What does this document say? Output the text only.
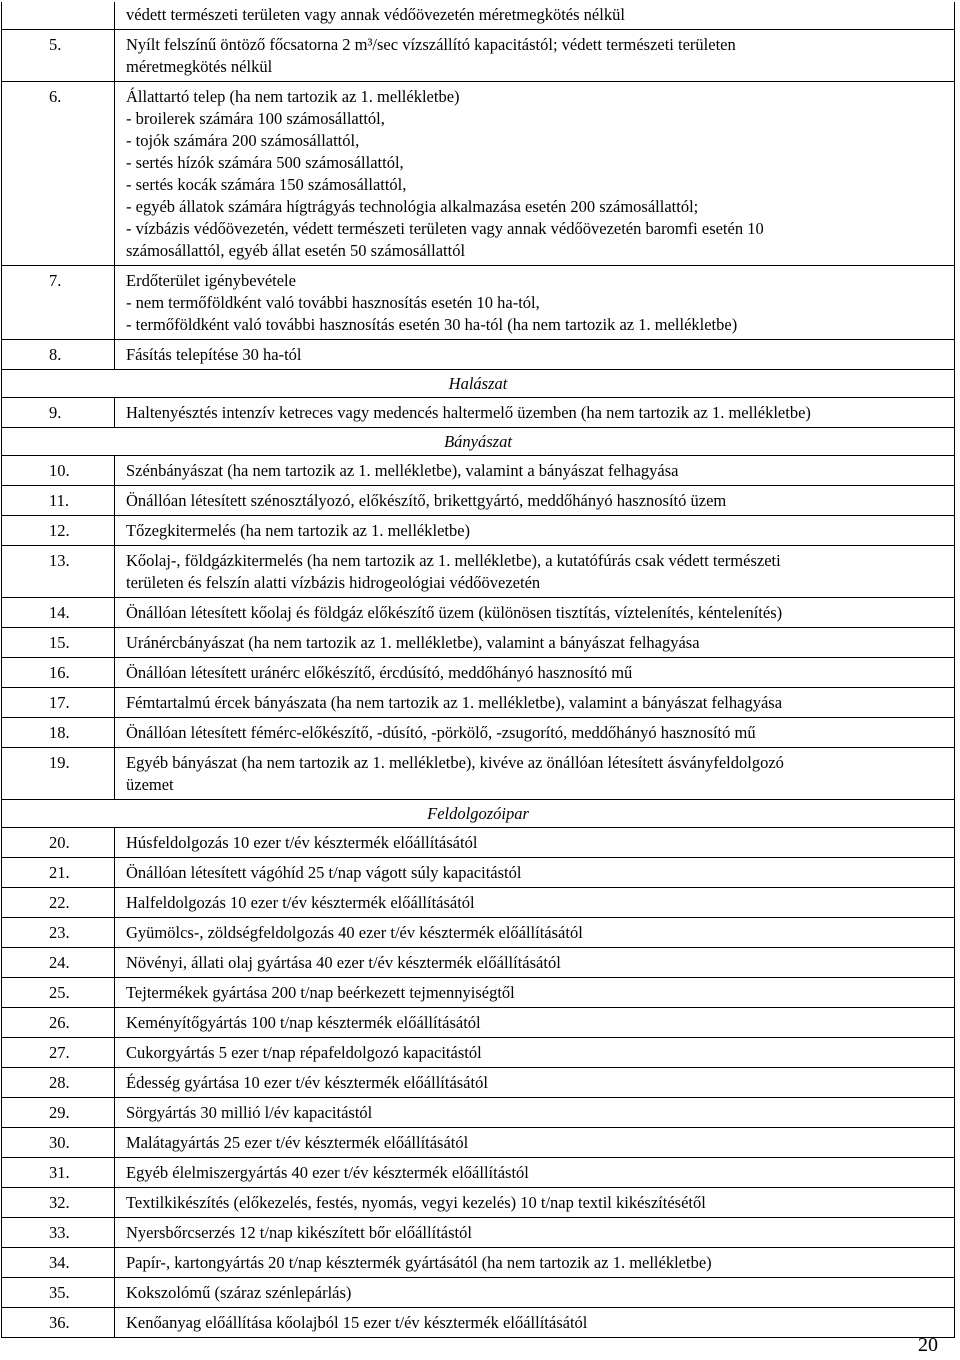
védett természeti területen vagy annak védőövezetén méretmegkötés nélkül
5.	Nyílt felszínű öntöző főcsatorna 2 m³/sec vízszállító kapacitástól; védett természeti területen
méretmegkötés nélkül
6.	Állattartó telep (ha nem tartozik az 1. mellékletbe)
- broilerek számára 100 számosállattól,
- tojók számára 200 számosállattól,
- sertés hízók számára 500 számosállattól,
- sertés kocák számára 150 számosállattól,
- egyéb állatok számára hígtrágyás technológia alkalmazása esetén 200 számosállattól;
- vízbázis védőövezetén, védett természeti területen vagy annak védőövezetén baromfi esetén 10
számosállattól, egyéb állat esetén 50 számosállattól
7.	Erdőterület igénybevétele
- nem termőföldként való további hasznosítás esetén 10 ha-tól,
- termőföldként való további hasznosítás esetén 30 ha-tól (ha nem tartozik az 1. mellékletbe)
8.	Fásítás telepítése 30 ha-tól
Halászat
9.	Haltenyésztés intenzív ketreces vagy medencés haltermelő üzemben (ha nem tartozik az 1. mellékletbe)
Bányászat
10.	Szénbányászat (ha nem tartozik az 1. mellékletbe), valamint a bányászat felhagyása
11.	Önállóan létesített szénosztályozó, előkészítő, brikettgyártó, meddőhányó hasznosító üzem
12.	Tőzegkitermelés (ha nem tartozik az 1. mellékletbe)
13.	Kőolaj-, földgázkitermelés (ha nem tartozik az 1. mellékletbe), a kutatófúrás csak védett természeti
területen és felszín alatti vízbázis hidrogeológiai védőövezetén
14.	Önállóan létesített kőolaj és földgáz előkészítő üzem (különösen tisztítás, víztelenítés, kéntelenítés)
15.	Uránércbányászat (ha nem tartozik az 1. mellékletbe), valamint a bányászat felhagyása
16.	Önállóan létesített uránérc előkészítő, ércdúsító, meddőhányó hasznosító mű
17.	Fémtartalmú ércek bányászata (ha nem tartozik az 1. mellékletbe), valamint a bányászat felhagyása
18.	Önállóan létesített fémérc-előkészítő, -dúsító, -pörkölő, -zsugorító, meddőhányó hasznosító mű
19.	Egyéb bányászat (ha nem tartozik az 1. mellékletbe), kivéve az önállóan létesített ásványfeldolgozó
üzemet
Feldolgozóipar
20.	Húsfeldolgozás 10 ezer t/év késztermék előállításától
21.	Önállóan létesített vágóhíd 25 t/nap vágott súly kapacitástól
22.	Halfeldolgozás 10 ezer t/év késztermék előállításától
23.	Gyümölcs-, zöldségfeldolgozás 40 ezer t/év késztermék előállításától
24.	Növényi, állati olaj gyártása 40 ezer t/év késztermék előállításától
25.	Tejtermékek gyártása 200 t/nap beérkezett tejmennyiségtől
26.	Keményítőgyártás 100 t/nap késztermék előállításától
27.	Cukorgyártás 5 ezer t/nap répafeldolgozó kapacitástól
28.	Édesség gyártása 10 ezer t/év késztermék előállításától
29.	Sörgyártás 30 millió l/év kapacitástól
30.	Malátagyártás 25 ezer t/év késztermék előállításától
31.	Egyéb élelmiszergyártás 40 ezer t/év késztermék előállítástól
32.	Textilkikészítés (előkezelés, festés, nyomás, vegyi kezelés) 10 t/nap textil kikészítésétől
33.	Nyersbőrcserzés 12 t/nap kikészített bőr előállítástól
34.	Papír-, kartongyártás 20 t/nap késztermék gyártásától (ha nem tartozik az 1. mellékletbe)
35.	Kokszolómű (száraz szénlepárlás)
36.	Kenőanyag előállítása kőolajból 15 ezer t/év késztermék előállításától
20
